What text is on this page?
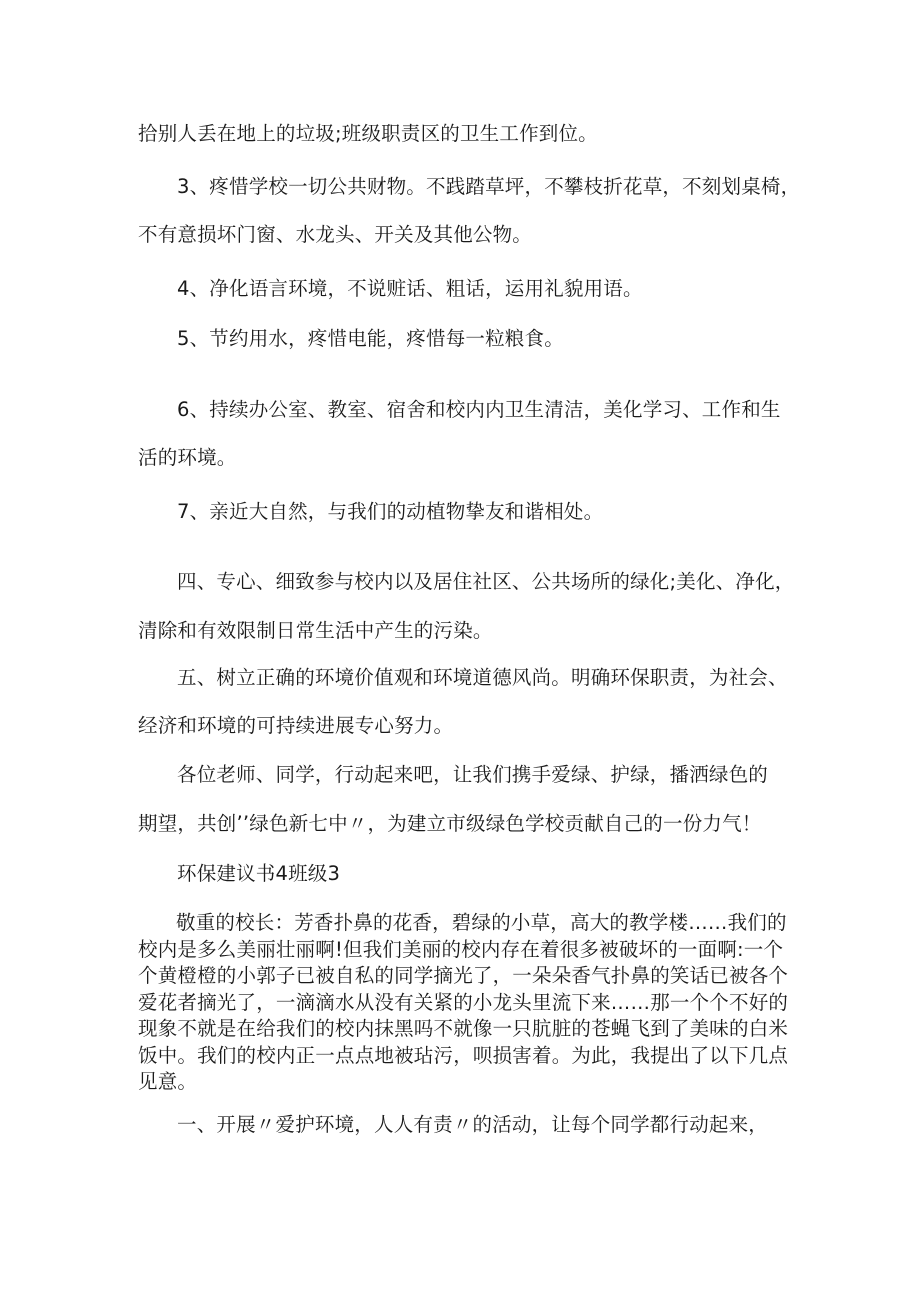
拾别人丢在地上的垃圾;班级职责区的卫生工作到位。
3、疼惜学校一切公共财物。不践踏草坪，不攀枝折花草，不刻划桌椅，
不有意损坏门窗、水龙头、开关及其他公物。
4、净化语言环境，不说赃话、粗话，运用礼貌用语。
5、节约用水，疼惜电能，疼惜每一粒粮食。
6、持续办公室、教室、宿舍和校内内卫生清洁，美化学习、工作和生
活的环境。
7、亲近大自然，与我们的动植物挚友和谐相处。
四、专心、细致参与校内以及居住社区、公共场所的绿化;美化、净化，
清除和有效限制日常生活中产生的污染。
五、树立正确的环境价值观和环境道德风尚。明确环保职责，为社会、
经济和环境的可持续进展专心努力。
各位老师、同学，行动起来吧，让我们携手爱绿、护绿，播洒绿色的
期望，共创’’绿色新七中〃，为建立市级绿色学校贡献自己的一份力气！
环保建议书4班级3
敬重的校长：芳香扑鼻的花香，碧绿的小草，高大的教学楼……我们的校内是多么美丽壮丽啊!但我们美丽的校内存在着很多被破坏的一面啊:一个个黄橙橙的小郭子已被自私的同学摘光了，一朵朵香气扑鼻的笑话已被各个爱花者摘光了，一滴滴水从没有关紧的小龙头里流下来……那一个个不好的现象不就是在给我们的校内抹黑吗不就像一只肮脏的苍蝇飞到了美味的白米饭中。我们的校内正一点点地被玷污，呗损害着。为此，我提出了以下几点见意。
一、开展〃爱护环境，人人有责〃的活动，让每个同学都行动起来，
